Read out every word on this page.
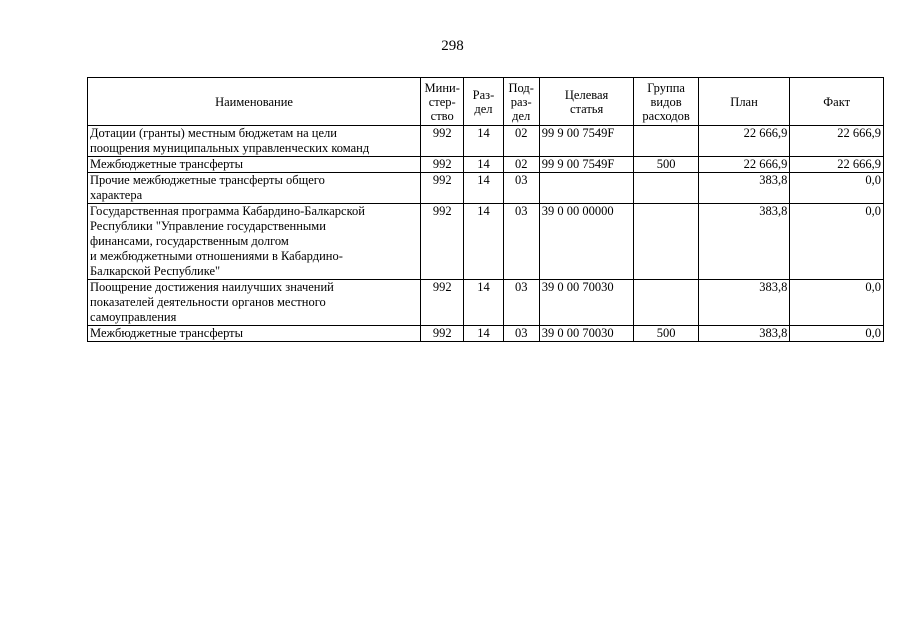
298
Наименование	Мини-
стер-
ство	Раз-
дел	Под-
раз-
дел	Целевая
статья	Группа
видов
расходов	План	Факт

Дотации (гранты) местным бюджетам на цели
поощрения муниципальных управленческих команд	992	14	02	99 9 00 7549F		22 666,9	22 666,9

Межбюджетные трансферты	992	14	02	99 9 00 7549F	500	22 666,9	22 666,9

Прочие межбюджетные трансферты общего
характера	992	14	03			383,8	0,0

Государственная программа Кабардино-Балкарской
Республики "Управление государственными
финансами, государственным долгом
и межбюджетными отношениями в Кабардино-
Балкарской Республике"	992	14	03	39 0 00 00000		383,8	0,0

Поощрение достижения наилучших значений
показателей деятельности органов местного
самоуправления	992	14	03	39 0 00 70030		383,8	0,0

Межбюджетные трансферты	992	14	03	39 0 00 70030	500	383,8	0,0
